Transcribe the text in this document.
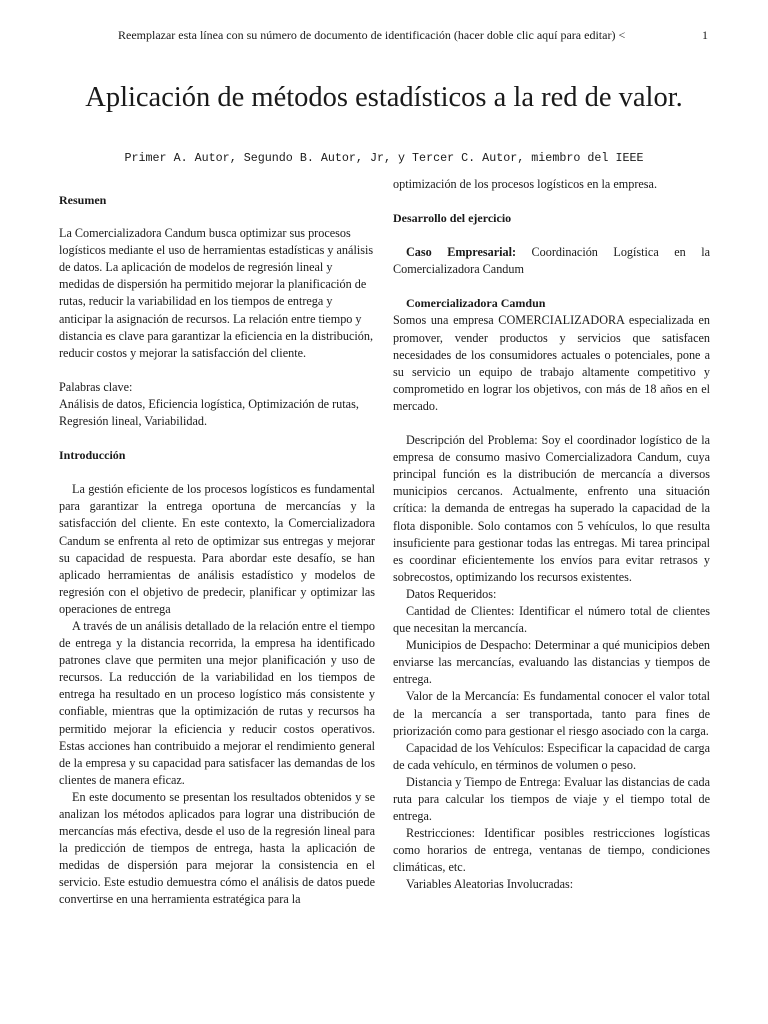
Reemplazar esta línea con su número de documento de identificación (hacer doble clic aquí para editar) <	1
Aplicación de métodos estadísticos a la red de valor.
Primer A. Autor, Segundo B. Autor, Jr, y Tercer C. Autor, miembro del IEEE

Resumen

La Comercializadora Candum busca optimizar sus procesos logísticos mediante el uso de herramientas estadísticas y análisis de datos. La aplicación de modelos de regresión lineal y medidas de dispersión ha permitido mejorar la planificación de rutas, reducir la variabilidad en los tiempos de entrega y anticipar la asignación de recursos. La relación entre tiempo y distancia es clave para garantizar la eficiencia en la distribución, reducir costos y mejorar la satisfacción del cliente.

Palabras clave:

Análisis de datos, Eficiencia logística, Optimización de rutas, Regresión lineal, Variabilidad.

Introducción

La gestión eficiente de los procesos logísticos es fundamental para garantizar la entrega oportuna de mercancías y la satisfacción del cliente. En este contexto, la Comercializadora Candum se enfrenta al reto de optimizar sus entregas y mejorar su capacidad de respuesta. Para abordar este desafío, se han aplicado herramientas de análisis estadístico y modelos de regresión con el objetivo de predecir, planificar y optimizar las operaciones de entrega

A través de un análisis detallado de la relación entre el tiempo de entrega y la distancia recorrida, la empresa ha identificado patrones clave que permiten una mejor planificación y uso de recursos. La reducción de la variabilidad en los tiempos de entrega ha resultado en un proceso logístico más consistente y confiable, mientras que la optimización de rutas y recursos ha permitido mejorar la eficiencia y reducir costos operativos. Estas acciones han contribuido a mejorar el rendimiento general de la empresa y su capacidad para satisfacer las demandas de los clientes de manera eficaz.

En este documento se presentan los resultados obtenidos y se analizan los métodos aplicados para lograr una distribución de mercancías más efectiva, desde el uso de la regresión lineal para la predicción de tiempos de entrega, hasta la aplicación de medidas de dispersión para mejorar la consistencia en el servicio. Este estudio demuestra cómo el análisis de datos puede convertirse en una herramienta estratégica para la

optimización de los procesos logísticos en la empresa.

Desarrollo del ejercicio

Caso Empresarial: Coordinación Logística en la Comercializadora Candum

Comercializadora Camdun

Somos una empresa COMERCIALIZADORA especializada en promover, vender productos y servicios que satisfacen necesidades de los consumidores actuales o potenciales, pone a su servicio un equipo de trabajo altamente competitivo y comprometido en lograr los objetivos, con más de 18 años en el mercado.

Descripción del Problema: Soy el coordinador logístico de la empresa de consumo masivo Comercializadora Candum, cuya principal función es la distribución de mercancía a diversos municipios cercanos. Actualmente, enfrento una situación crítica: la demanda de entregas ha superado la capacidad de la flota disponible. Solo contamos con 5 vehículos, lo que resulta insuficiente para gestionar todas las entregas. Mi tarea principal es coordinar eficientemente los envíos para evitar retrasos y sobrecostos, optimizando los recursos existentes.

Datos Requeridos:

Cantidad de Clientes: Identificar el número total de clientes que necesitan la mercancía.

Municipios de Despacho: Determinar a qué municipios deben enviarse las mercancías, evaluando las distancias y tiempos de entrega.

Valor de la Mercancía: Es fundamental conocer el valor total de la mercancía a ser transportada, tanto para fines de priorización como para gestionar el riesgo asociado con la carga.

Capacidad de los Vehículos: Especificar la capacidad de carga de cada vehículo, en términos de volumen o peso.

Distancia y Tiempo de Entrega: Evaluar las distancias de cada ruta para calcular los tiempos de viaje y el tiempo total de entrega.

Restricciones: Identificar posibles restricciones logísticas como horarios de entrega, ventanas de tiempo, condiciones climáticas, etc.

Variables Aleatorias Involucradas:
